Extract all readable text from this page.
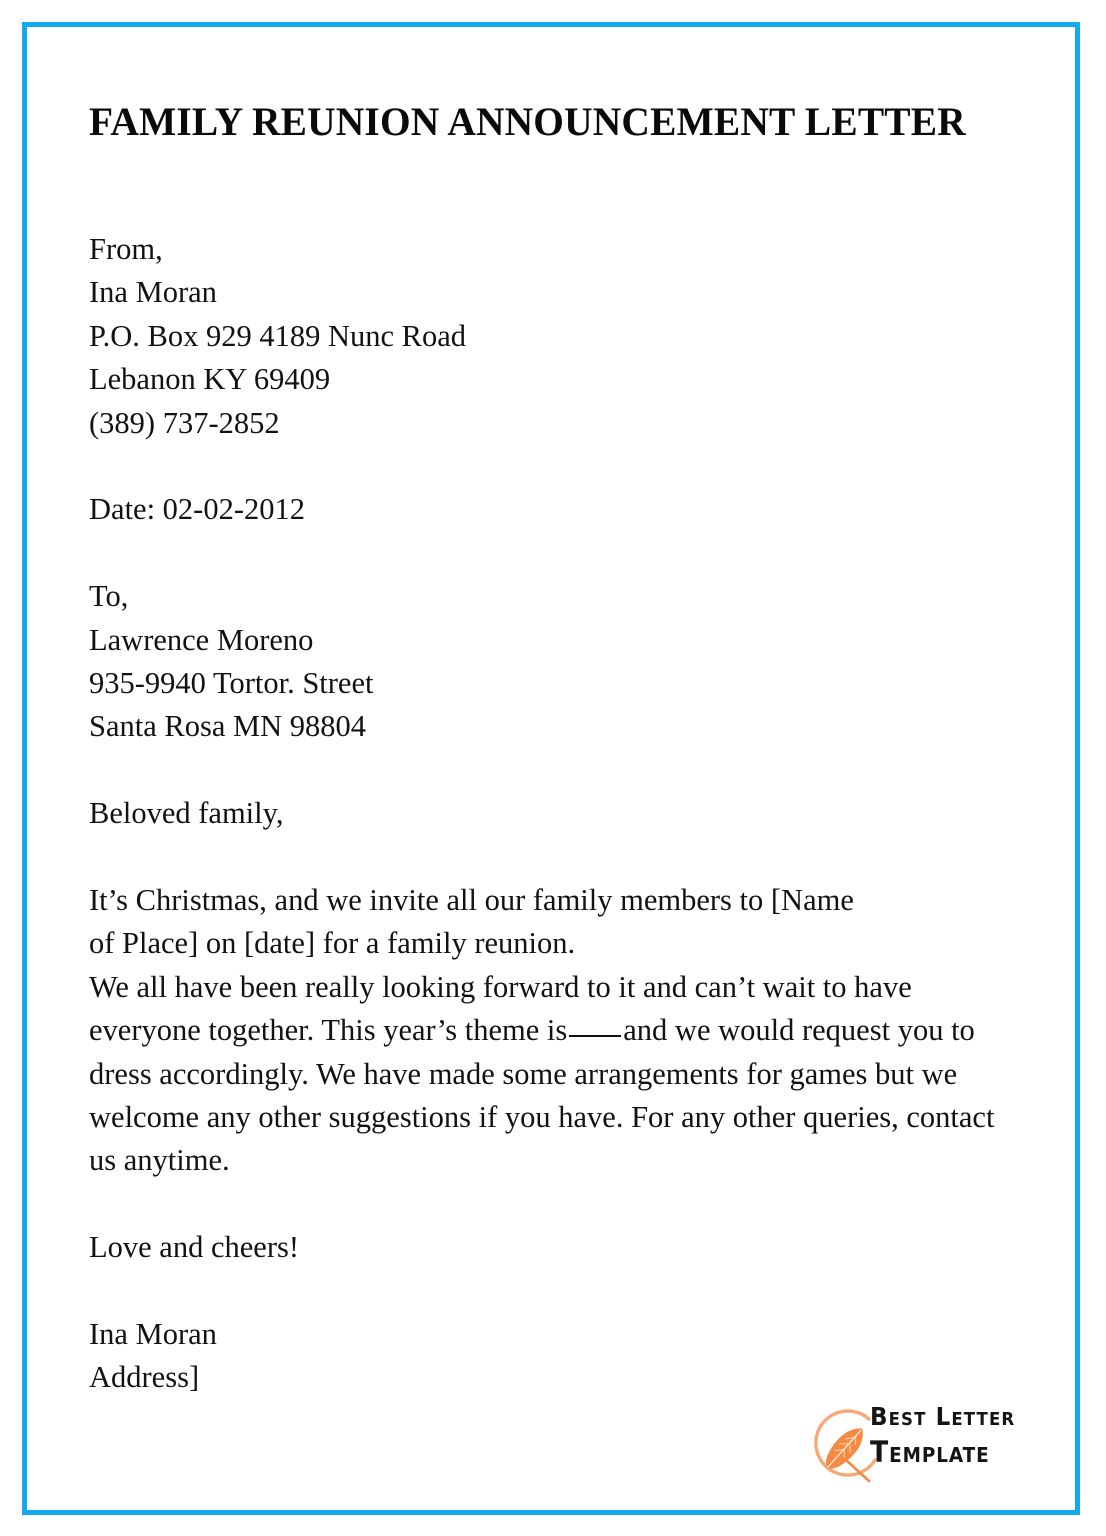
FAMILY REUNION ANNOUNCEMENT LETTER
From,
Ina Moran
P.O. Box 929 4189 Nunc Road
Lebanon KY 69409
(389) 737-2852
Date: 02-02-2012
To,
Lawrence Moreno
935-9940 Tortor. Street
Santa Rosa MN 98804
Beloved family,
It’s Christmas, and we invite all our family members to [Name
of Place] on [date] for a family reunion.
We all have been really looking forward to it and can’t wait to have everyone together. This year’s theme is and we would request you to dress accordingly. We have made some arrangements for games but we welcome any other suggestions if you have. For any other queries, contact us anytime.
Love and cheers!
Ina Moran
Address]
Best Letter
Template
